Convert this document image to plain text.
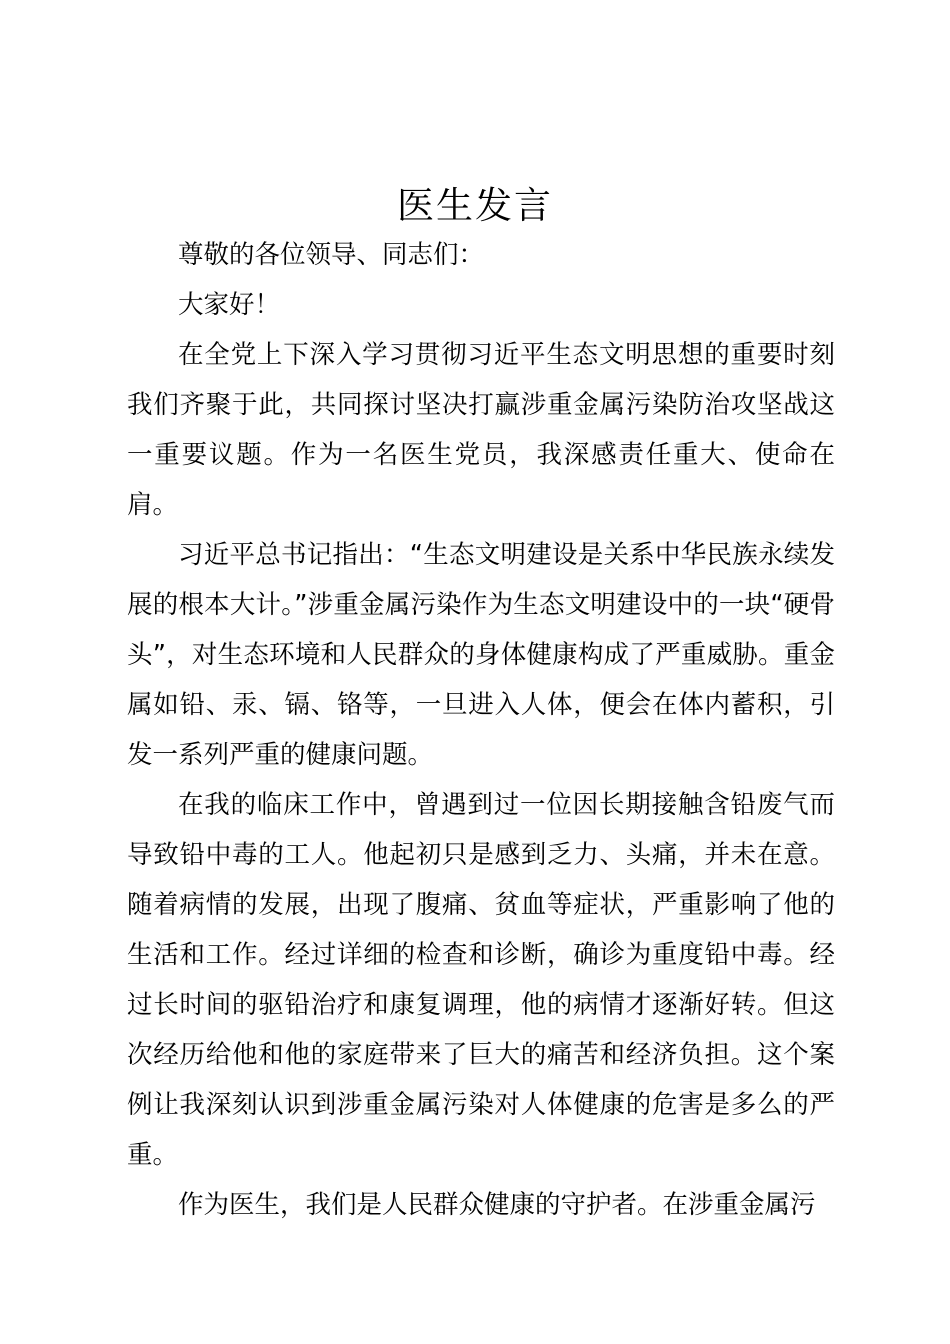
医生发言

尊敬的各位领导、同志们：

大家好！

在全党上下深入学习贯彻习近平生态文明思想的重要时刻我们齐聚于此，共同探讨坚决打赢涉重金属污染防治攻坚战这一重要议题。作为一名医生党员，我深感责任重大、使命在肩。

习近平总书记指出：“生态文明建设是关系中华民族永续发展的根本大计。”涉重金属污染作为生态文明建设中的一块“硬骨头”，对生态环境和人民群众的身体健康构成了严重威胁。重金属如铅、汞、镉、铬等，一旦进入人体，便会在体内蓄积，引发一系列严重的健康问题。

在我的临床工作中，曾遇到过一位因长期接触含铅废气而导致铅中毒的工人。他起初只是感到乏力、头痛，并未在意。随着病情的发展，出现了腹痛、贫血等症状，严重影响了他的生活和工作。经过详细的检查和诊断，确诊为重度铅中毒。经过长时间的驱铅治疗和康复调理，他的病情才逐渐好转。但这次经历给他和他的家庭带来了巨大的痛苦和经济负担。这个案例让我深刻认识到涉重金属污染对人体健康的危害是多么的严重。

作为医生，我们是人民群众健康的守护者。在涉重金属污
